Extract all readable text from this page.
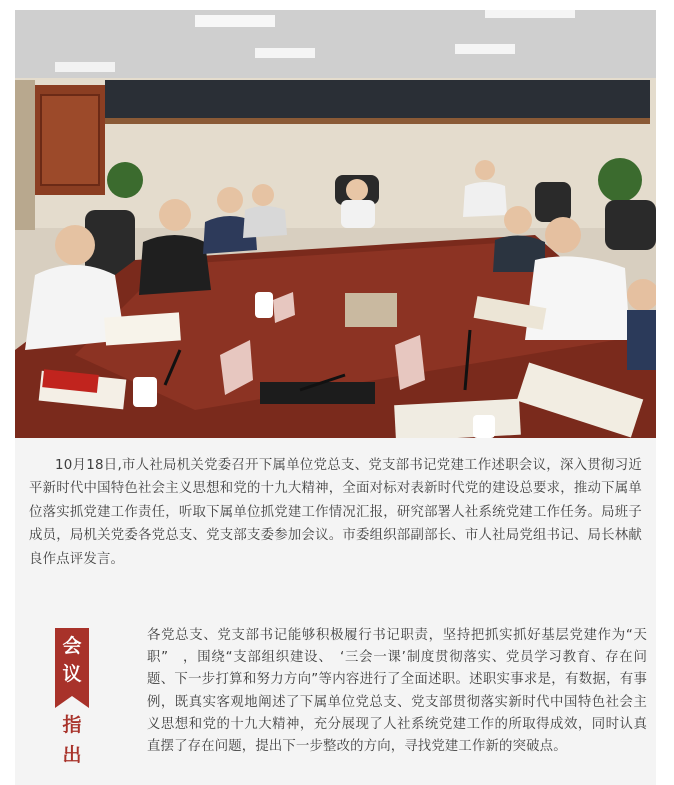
10月18日,市人社局机关党委召开下属单位党总支、党支部书记党建工作述职会议，深入贯彻习近平新时代中国特色社会主义思想和党的十九大精神，全面对标对表新时代党的建设总要求，推动下属单位落实抓党建工作责任，听取下属单位抓党建工作情况汇报，研究部署人社系统党建工作任务。局班子成员，局机关党委各党总支、党支部支委参加会议。市委组织部副部长、市人社局党组书记、局长林献良作点评发言。
会
议
指
出
各党总支、党支部书记能够积极履行书记职责，坚持把抓实抓好基层党建作为“天职”　，围绕“支部组织建设、　‘三会一课’制度贯彻落实、党员学习教育、存在问题、下一步打算和努力方向”等内容进行了全面述职。述职实事求是，有数据，有事例，既真实客观地阐述了下属单位党总支、党支部贯彻落实新时代中国特色社会主义思想和党的十九大精神，充分展现了人社系统党建工作的所取得成效，同时认真直摆了存在问题，提出下一步整改的方向，寻找党建工作新的突破点。
